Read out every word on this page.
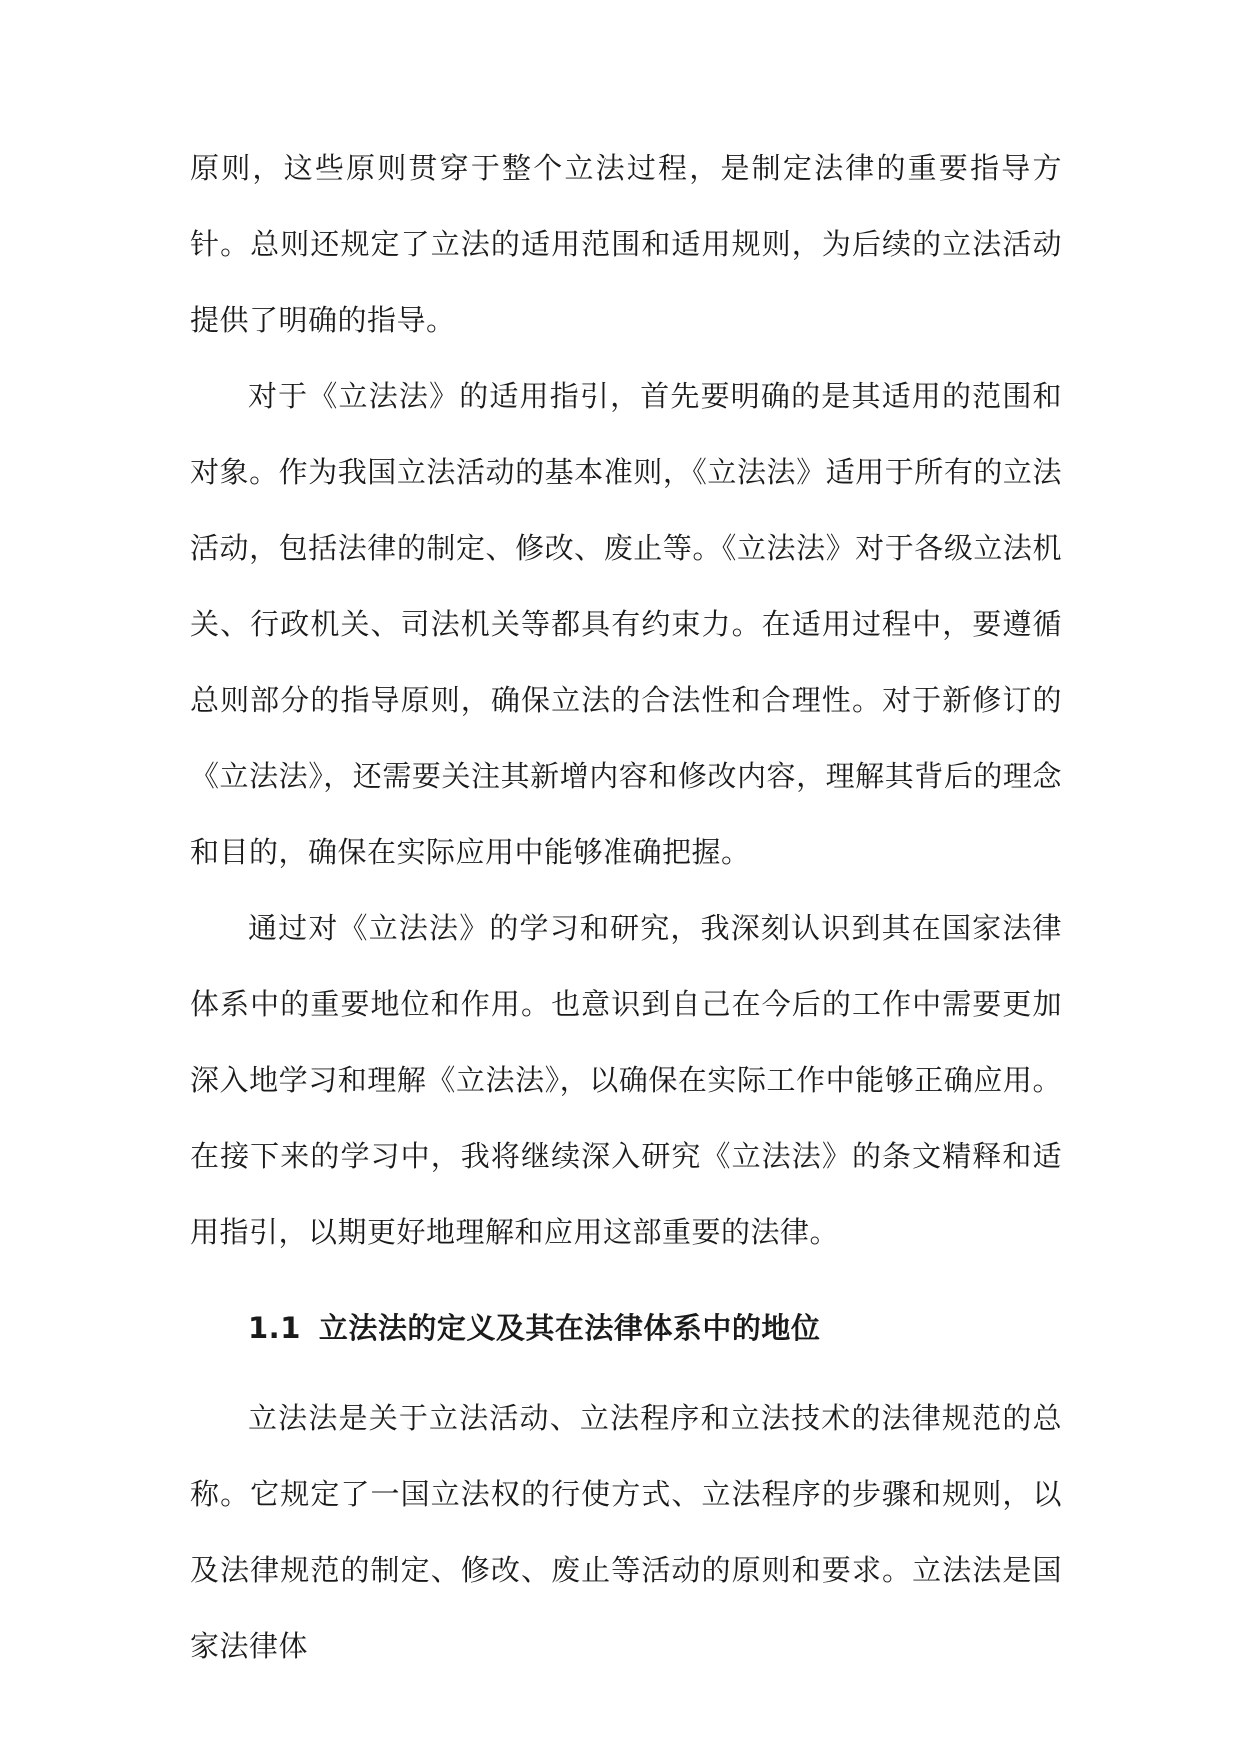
原则，这些原则贯穿于整个立法过程，是制定法律的重要指导方针。总则还规定了立法的适用范围和适用规则，为后续的立法活动提供了明确的指导。

对于《立法法》的适用指引，首先要明确的是其适用的范围和对象。作为我国立法活动的基本准则，《立法法》适用于所有的立法活动，包括法律的制定、修改、废止等。《立法法》对于各级立法机关、行政机关、司法机关等都具有约束力。在适用过程中，要遵循总则部分的指导原则，确保立法的合法性和合理性。对于新修订的《立法法》，还需要关注其新增内容和修改内容，理解其背后的理念和目的，确保在实际应用中能够准确把握。

通过对《立法法》的学习和研究，我深刻认识到其在国家法律体系中的重要地位和作用。也意识到自己在今后的工作中需要更加深入地学习和理解《立法法》，以确保在实际工作中能够正确应用。在接下来的学习中，我将继续深入研究《立法法》的条文精释和适用指引，以期更好地理解和应用这部重要的法律。

1.1 立法法的定义及其在法律体系中的地位

立法法是关于立法活动、立法程序和立法技术的法律规范的总称。它规定了一国立法权的行使方式、立法程序的步骤和规则，以及法律规范的制定、修改、废止等活动的原则和要求。立法法是国家法律体
